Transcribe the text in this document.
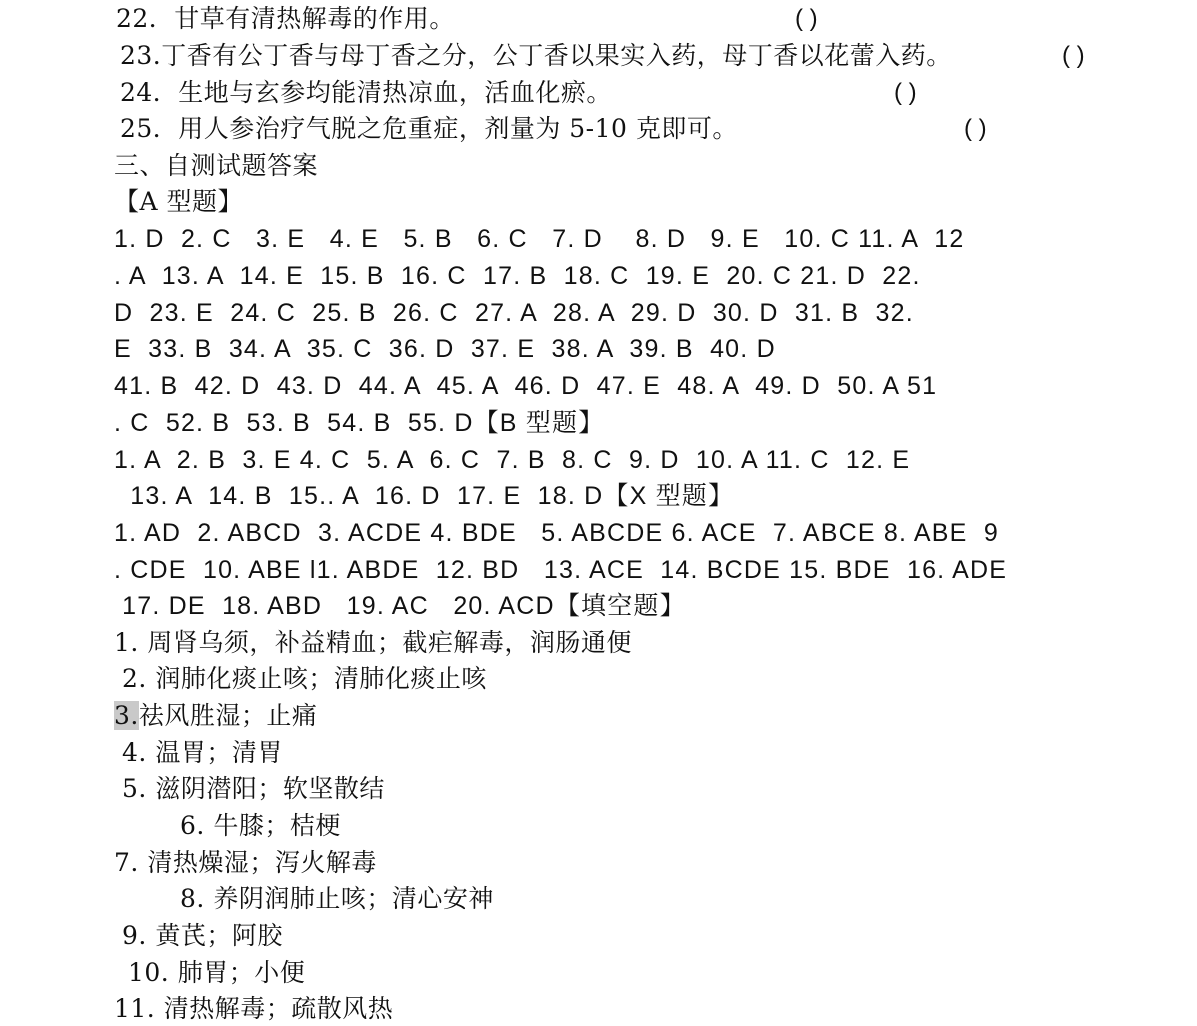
22．甘草有清热解毒的作用。	( )
23.丁香有公丁香与母丁香之分，公丁香以果实入药，母丁香以花蕾入药。	( )
24．生地与玄参均能清热凉血，活血化瘀。	( )
25．用人参治疗气脱之危重症，剂量为 5-10 克即可。	( )
三、自测试题答案
【A 型题】
1. D  2. C   3. E   4. E   5. B   6. C   7. D    8. D   9. E   10. C 11. A  12
. A  13. A  14. E  15. B  16. C  17. B  18. C  19. E  20. C 21. D  22.
D  23. E  24. C  25. B  26. C  27. A  28. A  29. D  30. D  31. B  32.
E  33. B  34. A  35. C  36. D  37. E  38. A  39. B  40. D
41. B  42. D  43. D  44. A  45. A  46. D  47. E  48. A  49. D  50. A 51
. C  52. B  53. B  54. B  55. D【B 型题】
1. A  2. B  3. E 4. C  5. A  6. C  7. B  8. C  9. D  10. A 11. C  12. E
13. A  14. B  15.. A  16. D  17. E  18. D【X 型题】
1. AD  2. ABCD  3. ACDE 4. BDE   5. ABCDE 6. ACE  7. ABCE 8. ABE  9
. CDE  10. ABE l1. ABDE  12. BD   13. ACE  14. BCDE 15. BDE  16. ADE
17. DE  18. ABD   19. AC   20. ACD【填空题】
1. 周肾乌须，补益精血；截疟解毒，润肠通便
2. 润肺化痰止咳；清肺化痰止咳
3.祛风胜湿；止痛
4. 温胃；清胃
5. 滋阴潜阳；软坚散结
6. 牛膝；桔梗
7. 清热燥湿；泻火解毒
8. 养阴润肺止咳；清心安神
9. 黄芪；阿胶
10. 肺胃；小便
11. 清热解毒；疏散风热
